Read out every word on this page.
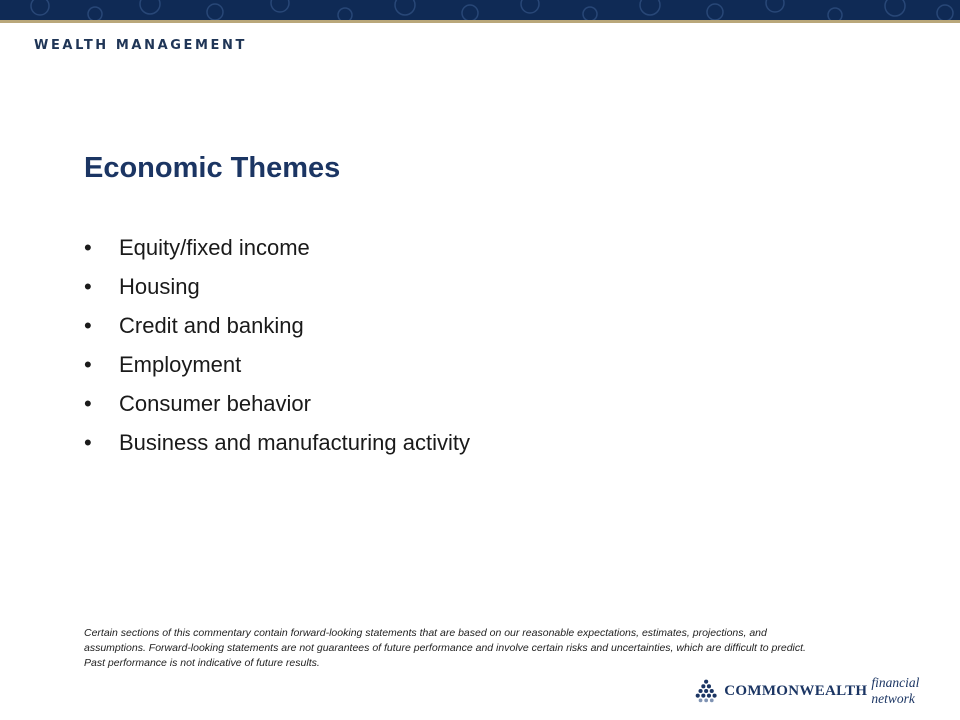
WEALTH MANAGEMENT
Economic Themes
• Equity/fixed income
• Housing
• Credit and banking
• Employment
• Consumer behavior
• Business and manufacturing activity

Certain sections of this commentary contain forward-looking statements that are based on our reasonable expectations, estimates, projections, and assumptions. Forward-looking statements are not guarantees of future performance and involve certain risks and uncertainties, which are difficult to predict. Past performance is not indicative of future results.

COMMONWEALTH financial network
